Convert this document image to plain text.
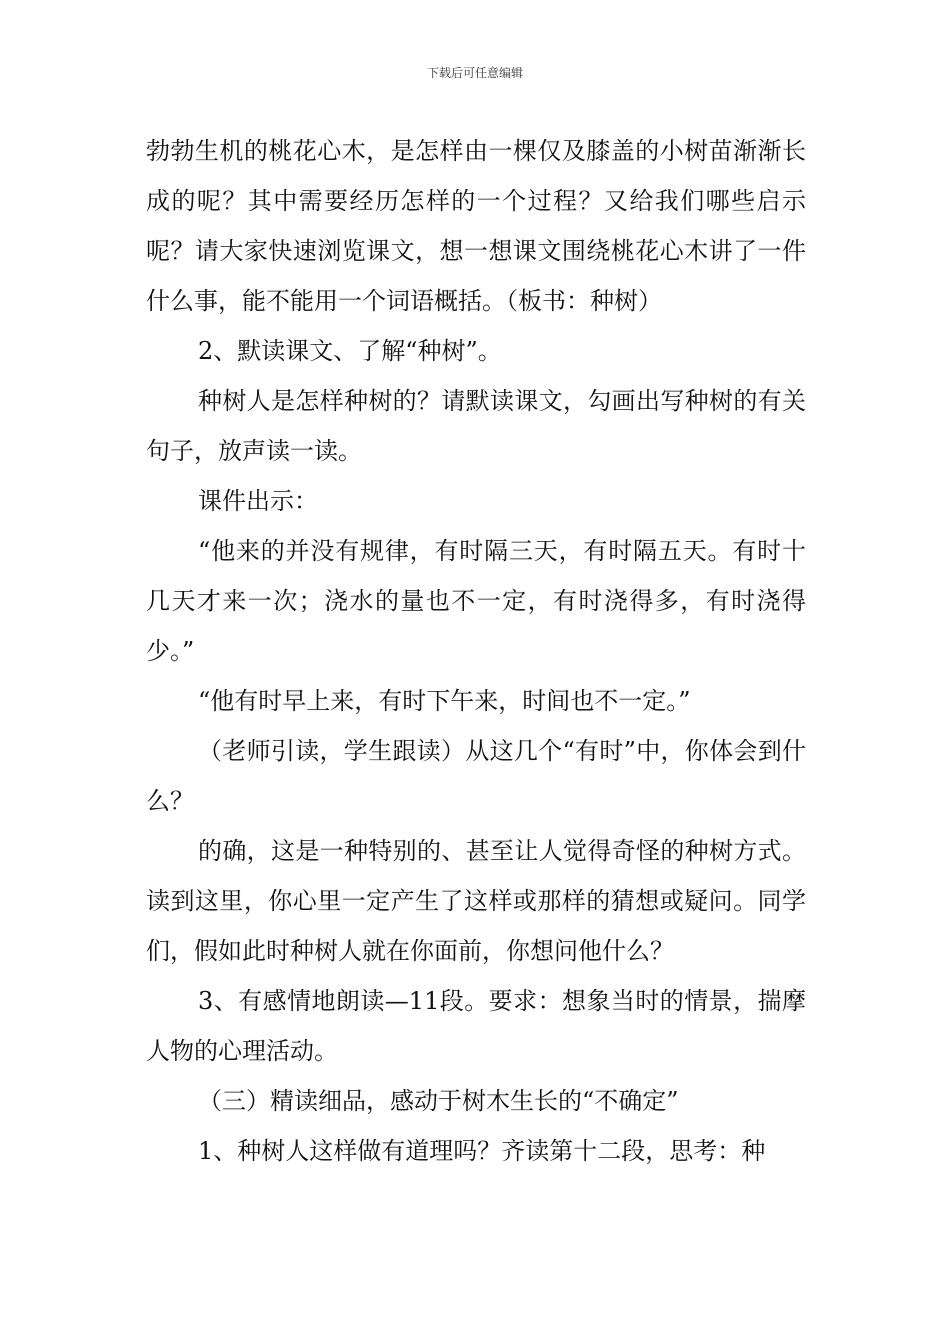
下载后可任意编辑

勃勃生机的桃花心木，是怎样由一棵仅及膝盖的小树苗渐渐长成的呢？其中需要经历怎样的一个过程？又给我们哪些启示呢？请大家快速浏览课文，想一想课文围绕桃花心木讲了一件什么事，能不能用一个词语概括。（板书：种树）

2、默读课文、了解“种树”。

种树人是怎样种树的？请默读课文，勾画出写种树的有关句子，放声读一读。

课件出示：

“他来的并没有规律，有时隔三天，有时隔五天。有时十几天才来一次；浇水的量也不一定，有时浇得多，有时浇得少。”

“他有时早上来，有时下午来，时间也不一定。”

（老师引读，学生跟读）从这几个“有时”中，你体会到什么？

的确，这是一种特别的、甚至让人觉得奇怪的种树方式。读到这里，你心里一定产生了这样或那样的猜想或疑问。同学们，假如此时种树人就在你面前，你想问他什么？

3、有感情地朗读—11段。要求：想象当时的情景，揣摩人物的心理活动。

（三）精读细品，感动于树木生长的“不确定”

1、种树人这样做有道理吗？齐读第十二段，思考：种
